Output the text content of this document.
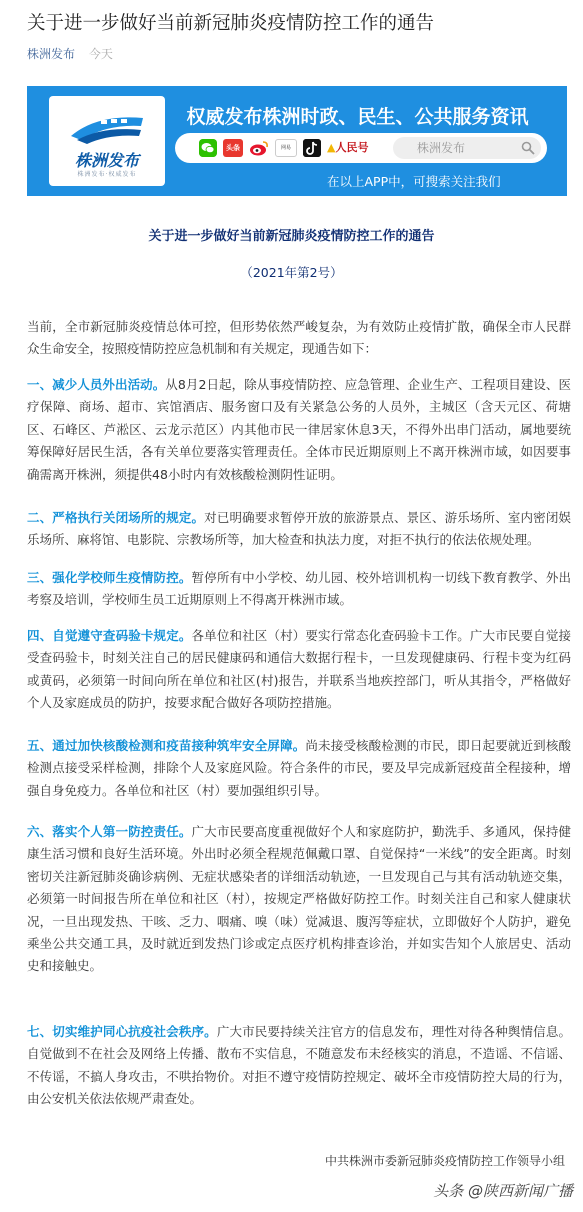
关于进一步做好当前新冠肺炎疫情防控工作的通告
株洲发布 今天
株洲发布
株洲发布·权威发布
权威发布株洲时政、民生、公共服务资讯
头条	网易	▲人民号	株洲发布
在以上APP中，可搜索关注我们
关于进一步做好当前新冠肺炎疫情防控工作的通告
（2021年第2号）
当前，全市新冠肺炎疫情总体可控，但形势依然严峻复杂，为有效防止疫情扩散，确保全市人民群众生命安全，按照疫情防控应急机制和有关规定，现通告如下：
一、减少人员外出活动。从8月2日起，除从事疫情防控、应急管理、企业生产、工程项目建设、医疗保障、商场、超市、宾馆酒店、服务窗口及有关紧急公务的人员外，主城区（含天元区、荷塘区、石峰区、芦淞区、云龙示范区）内其他市民一律居家休息3天，不得外出串门活动，属地要统筹保障好居民生活，各有关单位要落实管理责任。全体市民近期原则上不离开株洲市域，如因要事确需离开株洲，须提供48小时内有效核酸检测阴性证明。
二、严格执行关闭场所的规定。对已明确要求暂停开放的旅游景点、景区、游乐场所、室内密闭娱乐场所、麻将馆、电影院、宗教场所等，加大检查和执法力度，对拒不执行的依法依规处理。
三、强化学校师生疫情防控。暂停所有中小学校、幼儿园、校外培训机构一切线下教育教学、外出考察及培训，学校师生员工近期原则上不得离开株洲市域。
四、自觉遵守查码验卡规定。各单位和社区（村）要实行常态化查码验卡工作。广大市民要自觉接受查码验卡，时刻关注自己的居民健康码和通信大数据行程卡，一旦发现健康码、行程卡变为红码或黄码，必须第一时间向所在单位和社区(村)报告，并联系当地疾控部门，听从其指令，严格做好个人及家庭成员的防护，按要求配合做好各项防控措施。
五、通过加快核酸检测和疫苗接种筑牢安全屏障。尚未接受核酸检测的市民，即日起要就近到核酸检测点接受采样检测，排除个人及家庭风险。符合条件的市民，要及早完成新冠疫苗全程接种，增强自身免疫力。各单位和社区（村）要加强组织引导。
六、落实个人第一防控责任。广大市民要高度重视做好个人和家庭防护，勤洗手、多通风，保持健康生活习惯和良好生活环境。外出时必须全程规范佩戴口罩、自觉保持“一米线”的安全距离。时刻密切关注新冠肺炎确诊病例、无症状感染者的详细活动轨迹，一旦发现自己与其有活动轨迹交集，必须第一时间报告所在单位和社区（村），按规定严格做好防控工作。时刻关注自己和家人健康状况，一旦出现发热、干咳、乏力、咽痛、嗅（味）觉减退、腹泻等症状，立即做好个人防护，避免乘坐公共交通工具，及时就近到发热门诊或定点医疗机构排查诊治，并如实告知个人旅居史、活动史和接触史。
七、切实维护同心抗疫社会秩序。广大市民要持续关注官方的信息发布，理性对待各种舆情信息。自觉做到不在社会及网络上传播、散布不实信息，不随意发布未经核实的消息，不造谣、不信谣、不传谣，不搞人身攻击，不哄抬物价。对拒不遵守疫情防控规定、破坏全市疫情防控大局的行为，由公安机关依法依规严肃查处。
中共株洲市委新冠肺炎疫情防控工作领导小组
头条 @陕西新闻广播
